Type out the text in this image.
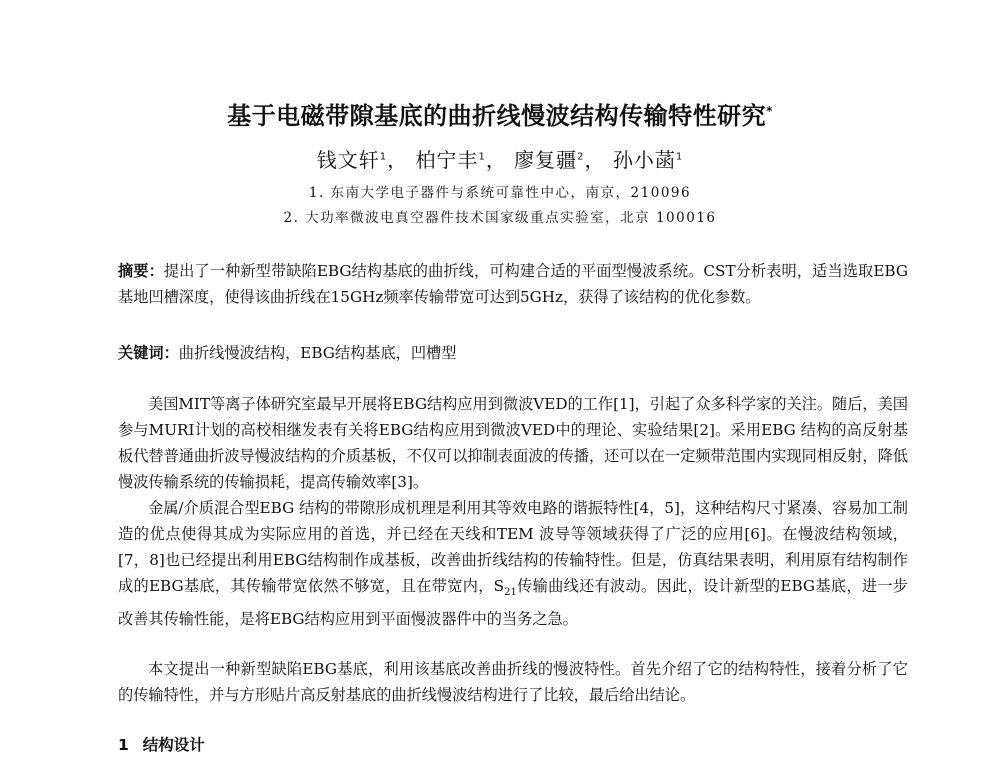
基于电磁带隙基底的曲折线慢波结构传输特性研究*
钱文轩$^1$， 柏宁丰$^1$， 廖复疆$^2$， 孙小菡$^1$
1. 东南大学电子器件与系统可靠性中心，南京，210096
2. 大功率微波电真空器件技术国家级重点实验室，北京 100016
摘要：提出了一种新型带缺陷EBG结构基底的曲折线，可构建合适的平面型慢波系统。CST分析表明，适当选取EBG基地凹槽深度，使得该曲折线在15GHz频率传输带宽可达到5GHz，获得了该结构的优化参数。
关键词：曲折线慢波结构，EBG结构基底，凹槽型
美国MIT等离子体研究室最早开展将EBG结构应用到微波VED的工作[1]，引起了众多科学家的关注。随后，美国参与MURI计划的高校相继发表有关将EBG结构应用到微波VED中的理论、实验结果[2]。采用EBG 结构的高反射基板代替普通曲折波导慢波结构的介质基板，不仅可以抑制表面波的传播，还可以在一定频带范围内实现同相反射，降低慢波传输系统的传输损耗，提高传输效率[3]。
金属/介质混合型EBG 结构的带隙形成机理是利用其等效电路的谐振特性[4，5]，这种结构尺寸紧凑、容易加工制造的优点使得其成为实际应用的首选，并已经在天线和TEM 波导等领域获得了广泛的应用[6]。在慢波结构领域，[7，8]也已经提出利用EBG结构制作成基板，改善曲折线结构的传输特性。但是，仿真结果表明，利用原有结构制作成的EBG基底，其传输带宽依然不够宽，且在带宽内，$S_{21}$传输曲线还有波动。因此，设计新型的EBG基底，进一步改善其传输性能，是将EBG结构应用到平面慢波器件中的当务之急。
本文提出一种新型缺陷EBG基底，利用该基底改善曲折线的慢波特性。首先介绍了它的结构特性，接着分析了它的传输特性，并与方形贴片高反射基底的曲折线慢波结构进行了比较，最后给出结论。
1 结构设计
